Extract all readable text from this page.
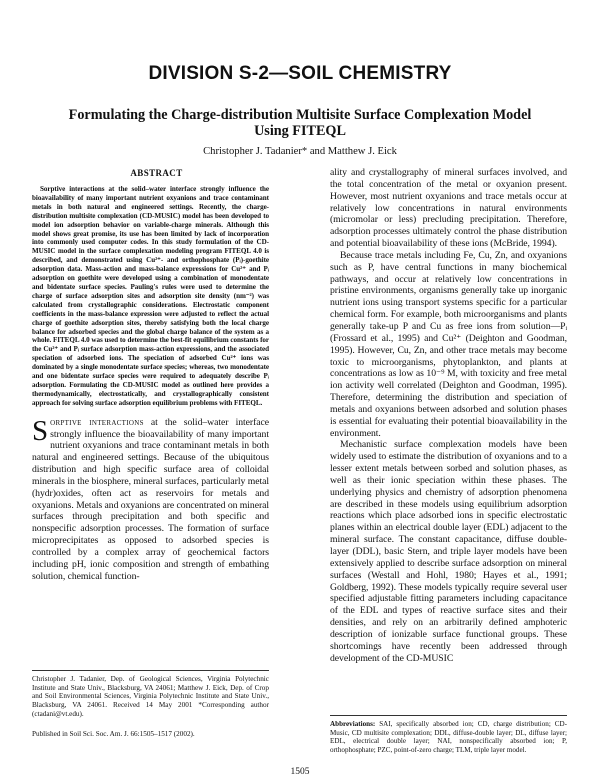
DIVISION S-2—SOIL CHEMISTRY
Formulating the Charge-distribution Multisite Surface Complexation Model Using FITEQL
Christopher J. Tadanier* and Matthew J. Eick
ABSTRACT

Sorptive interactions at the solid–water interface strongly influence the bioavailability of many important nutrient oxyanions and trace contaminant metals in both natural and engineered settings. Recently, the charge-distribution multisite complexation (CD-MUSIC) model has been developed to model ion adsorption behavior on variable-charge minerals. Although this model shows great promise, its use has been limited by lack of incorporation into commonly used computer codes. In this study formulation of the CD-MUSIC model in the surface complexation modeling program FITEQL 4.0 is described, and demonstrated using Cu²⁺- and orthophosphate (Pᵢ)-goethite adsorption data. Mass-action and mass-balance expressions for Cu²⁺ and Pᵢ adsorption on goethite were developed using a combination of monodentate and bidentate surface species. Pauling's rules were used to determine the charge of surface adsorption sites and adsorption site density (nm⁻²) was calculated from crystallographic considerations. Electrostatic component coefficients in the mass-balance expression were adjusted to reflect the actual charge of goethite adsorption sites, thereby satisfying both the local charge balance for adsorbed species and the global charge balance of the system as a whole. FITEQL 4.0 was used to determine the best-fit equilibrium constants for the Cu²⁺ and Pᵢ surface adsorption mass-action expressions, and the associated speciation of adsorbed ions. The speciation of adsorbed Cu²⁺ ions was dominated by a single monodentate surface species; whereas, two monodentate and one bidentate surface species were required to adequately describe Pᵢ adsorption. Formulating the CD-MUSIC model as outlined here provides a thermodynamically, electrostatically, and crystallographically consistent approach for solving surface adsorption equilibrium problems with FITEQL.

Sorptive interactions at the solid–water interface strongly influence the bioavailability of many important nutrient oxyanions and trace contaminant metals in both natural and engineered settings. Because of the ubiquitous distribution and high specific surface area of colloidal minerals in the biosphere, mineral surfaces, particularly metal (hydr)oxides, often act as reservoirs for metals and oxyanions. Metals and oxyanions are concentrated on mineral surfaces through precipitation and both specific and nonspecific adsorption processes. The formation of surface microprecipitates as opposed to adsorbed species is controlled by a complex array of geochemical factors including pH, ionic composition and strength of embathing solution, chemical function-

Christopher J. Tadanier, Dep. of Geological Sciences, Virginia Polytechnic Institute and State Univ., Blacksburg, VA 24061; Matthew J. Eick, Dep. of Crop and Soil Environmental Sciences, Virginia Polytechnic Institute and State Univ., Blacksburg, VA 24061. Received 14 May 2001 *Corresponding author (ctadani@vt.edu).

Published in Soil Sci. Soc. Am. J. 66:1505–1517 (2002).

ality and crystallography of mineral surfaces involved, and the total concentration of the metal or oxyanion present. However, most nutrient oxyanions and trace metals occur at relatively low concentrations in natural environments (micromolar or less) precluding precipitation. Therefore, adsorption processes ultimately control the phase distribution and potential bioavailability of these ions (McBride, 1994).

Because trace metals including Fe, Cu, Zn, and oxyanions such as P, have central functions in many biochemical pathways, and occur at relatively low concentrations in pristine environments, organisms generally take up inorganic nutrient ions using transport systems specific for a particular chemical form. For example, both microorganisms and plants generally take-up P and Cu as free ions from solution—Pᵢ (Frossard et al., 1995) and Cu²⁺ (Deighton and Goodman, 1995). However, Cu, Zn, and other trace metals may become toxic to microorganisms, phytoplankton, and plants at concentrations as low as 10⁻⁹ M, with toxicity and free metal ion activity well correlated (Deighton and Goodman, 1995). Therefore, determining the distribution and speciation of metals and oxyanions between adsorbed and solution phases is essential for evaluating their potential bioavailability in the environment.

Mechanistic surface complexation models have been widely used to estimate the distribution of oxyanions and to a lesser extent metals between sorbed and solution phases, as well as their ionic speciation within these phases. The underlying physics and chemistry of adsorption phenomena are described in these models using equilibrium adsorption reactions which place adsorbed ions in specific electrostatic planes within an electrical double layer (EDL) adjacent to the mineral surface. The constant capacitance, diffuse double-layer (DDL), basic Stern, and triple layer models have been extensively applied to describe surface adsorption on mineral surfaces (Westall and Hohl, 1980; Hayes et al., 1991; Goldberg, 1992). These models typically require several user specified adjustable fitting parameters including capacitance of the EDL and types of reactive surface sites and their densities, and rely on an arbitrarily defined amphoteric description of ionizable surface functional groups. These shortcomings have recently been addressed through development of the CD-MUSIC

Abbreviations: SAI, specifically absorbed ion; CD, charge distribution; CD-Music, CD multisite complexation; DDL, diffuse-double layer; DL, diffuse layer; EDL, electrical double layer; NAI, nonspecifically absorbed ion; P, orthophosphate; PZC, point-of-zero charge; TLM, triple layer model.

1505
